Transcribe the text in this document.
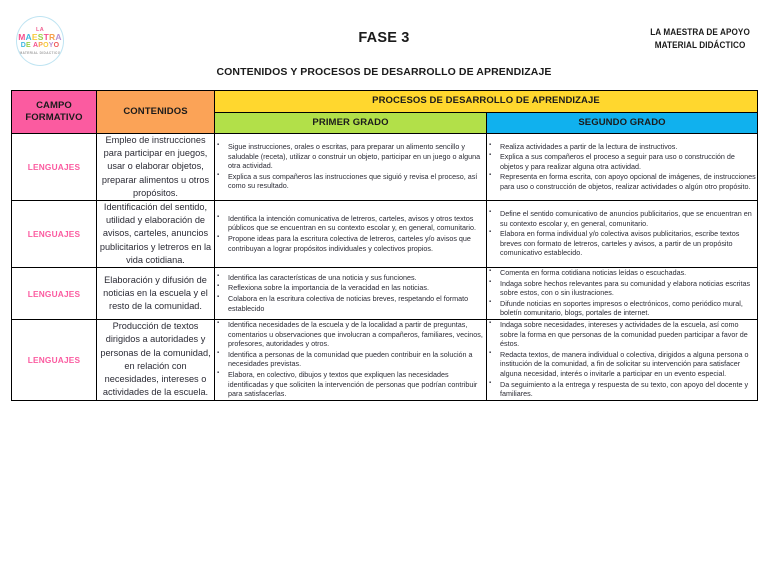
LA
MAESTRA
DE APOYO
MATERIAL DIDACTICO
FASE 3
CONTENIDOS Y PROCESOS DE DESARROLLO DE APRENDIZAJE
LA MAESTRA DE APOYO
MATERIAL DIDÁCTICO
CAMPO FORMATIVO	CONTENIDOS	PROCESOS DE DESARROLLO DE APRENDIZAJE	
		PRIMER GRADO	SEGUNDO GRADO
LENGUAJES	Empleo de instrucciones para participar en juegos, usar o elaborar objetos, preparar alimentos u otros propósitos.	
▪ Sigue instrucciones, orales o escritas, para preparar un alimento sencillo y saludable (receta), utilizar o construir un objeto, participar en un juego o alguna otra actividad.
▪ Explica a sus compañeros las instrucciones que siguió y revisa el proceso, así como su resultado.

▪ Realiza actividades a partir de la lectura de instructivos.
▪ Explica a sus compañeros el proceso a seguir para uso o construcción de objetos y para realizar alguna otra actividad.
▪ Representa en forma escrita, con apoyo opcional de imágenes, de instrucciones para uso o construcción de objetos, realizar actividades o algún otro propósito.

LENGUAJES	Identificación del sentido, utilidad y elaboración de avisos, carteles, anuncios publicitarios y letreros en la vida cotidiana.	
▪ Identifica la intención comunicativa de letreros, carteles, avisos y otros textos públicos que se encuentran en su contexto escolar y, en general, comunitario.
▪ Propone ideas para la escritura colectiva de letreros, carteles y/o avisos que contribuyan a lograr propósitos individuales y colectivos propios.

▪ Define el sentido comunicativo de anuncios publicitarios, que se encuentran en su contexto escolar y, en general, comunitario.
▪ Elabora en forma individual y/o colectiva avisos publicitarios, escribe textos breves con formato de letreros, carteles y avisos, a partir de un propósito comunicativo establecido.

LENGUAJES	Elaboración y difusión de noticias en la escuela y el resto de la comunidad.	
▪ Identifica las características de una noticia y sus funciones.
▪ Reflexiona sobre la importancia de la veracidad en las noticias.
▪ Colabora en la escritura colectiva de noticias breves, respetando el formato establecido

▪ Comenta en forma cotidiana noticias leídas o escuchadas.
▪ Indaga sobre hechos relevantes para su comunidad y elabora noticias escritas sobre estos, con o sin ilustraciones.
▪ Difunde noticias en soportes impresos o electrónicos, como periódico mural, boletín comunitario, blogs, portales de internet.

LENGUAJES	Producción de textos dirigidos a autoridades y personas de la comunidad, en relación con necesidades, intereses o actividades de la escuela.	
▪ Identifica necesidades de la escuela y de la localidad a partir de preguntas, comentarios u observaciones que involucran a compañeros, familiares, vecinos, profesores, autoridades y otros.
▪ Identifica a personas de la comunidad que pueden contribuir en la solución a necesidades previstas.
▪ Elabora, en colectivo, dibujos y textos que expliquen las necesidades identificadas y que soliciten la intervención de personas que podrían contribuir para satisfacerlas.

▪ Indaga sobre necesidades, intereses y actividades de la escuela, así como sobre la forma en que personas de la comunidad pueden participar a favor de éstos.
▪ Redacta textos, de manera individual o colectiva, dirigidos a alguna persona o institución de la comunidad, a fin de solicitar su intervención para satisfacer alguna necesidad, interés o invitarle a participar en un evento especial.
▪ Da seguimiento a la entrega y respuesta de su texto, con apoyo del docente y familiares.
